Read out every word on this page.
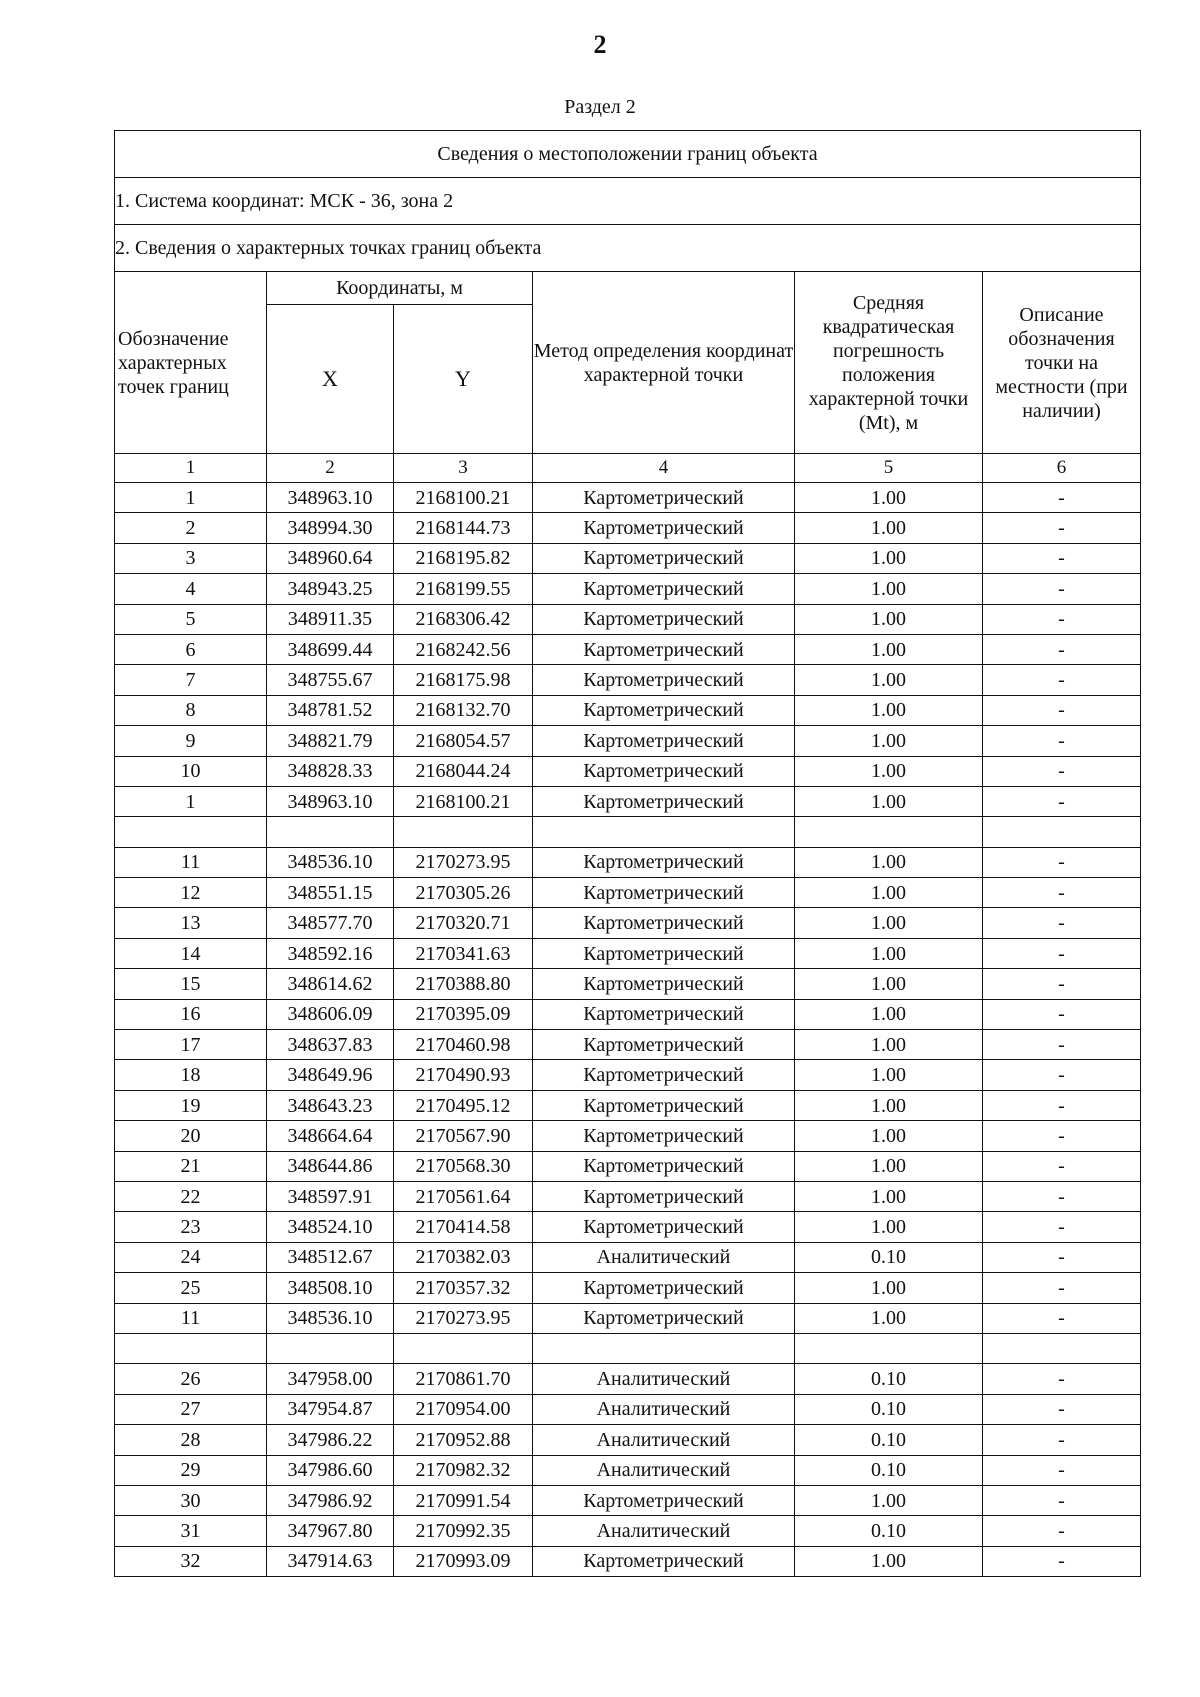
2
Раздел 2
Сведения о местоположении границ объекта					
1. Система координат: МСК - 36, зона 2					
2. Сведения о характерных точках границ объекта					
Обозначение характерных точек границ	Координаты, м		Метод определения координат характерной точки	Средняя квадратическая погрешность положения характерной точки (Mt), м	Описание обозначения точки на местности (при наличии)
	X	Y			
1	2	3	4	5	6
1	348963.10	2168100.21	Картометрический	1.00	-
2	348994.30	2168144.73	Картометрический	1.00	-
3	348960.64	2168195.82	Картометрический	1.00	-
4	348943.25	2168199.55	Картометрический	1.00	-
5	348911.35	2168306.42	Картометрический	1.00	-
6	348699.44	2168242.56	Картометрический	1.00	-
7	348755.67	2168175.98	Картометрический	1.00	-
8	348781.52	2168132.70	Картометрический	1.00	-
9	348821.79	2168054.57	Картометрический	1.00	-
10	348828.33	2168044.24	Картометрический	1.00	-
1	348963.10	2168100.21	Картометрический	1.00	-

11	348536.10	2170273.95	Картометрический	1.00	-
12	348551.15	2170305.26	Картометрический	1.00	-
13	348577.70	2170320.71	Картометрический	1.00	-
14	348592.16	2170341.63	Картометрический	1.00	-
15	348614.62	2170388.80	Картометрический	1.00	-
16	348606.09	2170395.09	Картометрический	1.00	-
17	348637.83	2170460.98	Картометрический	1.00	-
18	348649.96	2170490.93	Картометрический	1.00	-
19	348643.23	2170495.12	Картометрический	1.00	-
20	348664.64	2170567.90	Картометрический	1.00	-
21	348644.86	2170568.30	Картометрический	1.00	-
22	348597.91	2170561.64	Картометрический	1.00	-
23	348524.10	2170414.58	Картометрический	1.00	-
24	348512.67	2170382.03	Аналитический	0.10	-
25	348508.10	2170357.32	Картометрический	1.00	-
11	348536.10	2170273.95	Картометрический	1.00	-

26	347958.00	2170861.70	Аналитический	0.10	-
27	347954.87	2170954.00	Аналитический	0.10	-
28	347986.22	2170952.88	Аналитический	0.10	-
29	347986.60	2170982.32	Аналитический	0.10	-
30	347986.92	2170991.54	Картометрический	1.00	-
31	347967.80	2170992.35	Аналитический	0.10	-
32	347914.63	2170993.09	Картометрический	1.00	-
